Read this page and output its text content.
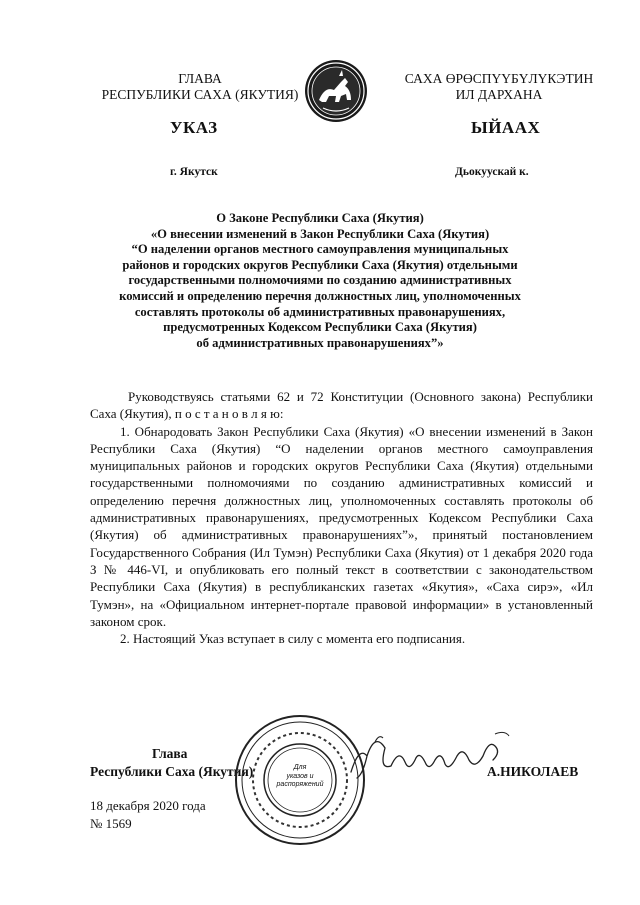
ГЛАВА
РЕСПУБЛИКИ САХА (ЯКУТИЯ)
САХА ӨРӨСПҮҮБҮЛҮКЭТИН
ИЛ ДАРХАНА
УКАЗ	ЫЙААХ
г. Якутск	Дьокуускай к.
О Законе Республики Саха (Якутия)
«О внесении изменений в Закон Республики Саха (Якутия)
“О наделении органов местного самоуправления муниципальных
районов и городских округов Республики Саха (Якутия) отдельными
государственными полномочиями по созданию административных
комиссий и определению перечня должностных лиц, уполномоченных
составлять протоколы об административных правонарушениях,
предусмотренных Кодексом Республики Саха (Якутия)
об административных правонарушениях”»

Руководствуясь статьями 62 и 72 Конституции (Основного закона) Республики Саха (Якутия), п о с т а н о в л я ю:

1. Обнародовать Закон Республики Саха (Якутия) «О внесении изменений в Закон Республики Саха (Якутия) “О наделении органов местного самоуправления муниципальных районов и городских округов Республики Саха (Якутия) отдельными государственными полномочиями по созданию административных комиссий и определению перечня должностных лиц, уполномоченных составлять протоколы об административных правонарушениях, предусмотренных Кодексом Республики Саха (Якутия) об административных правонарушениях”», принятый постановлением Государственного Собрания (Ил Тумэн) Республики Саха (Якутия) от 1 декабря 2020 года З № 446-VI, и опубликовать его полный текст в соответствии с законодательством Республики Саха (Якутия) в республиканских газетах «Якутия», «Саха сирэ», «Ил Тумэн», на «Официальном интернет-портале правовой информации» в установленный законом срок.

2. Настоящий Указ вступает в силу с момента его подписания.

Глава
Республики Саха (Якутия)	Для
указов и
распоряжений
А.НИКОЛАЕВ
18 декабря 2020 года
№ 1569
